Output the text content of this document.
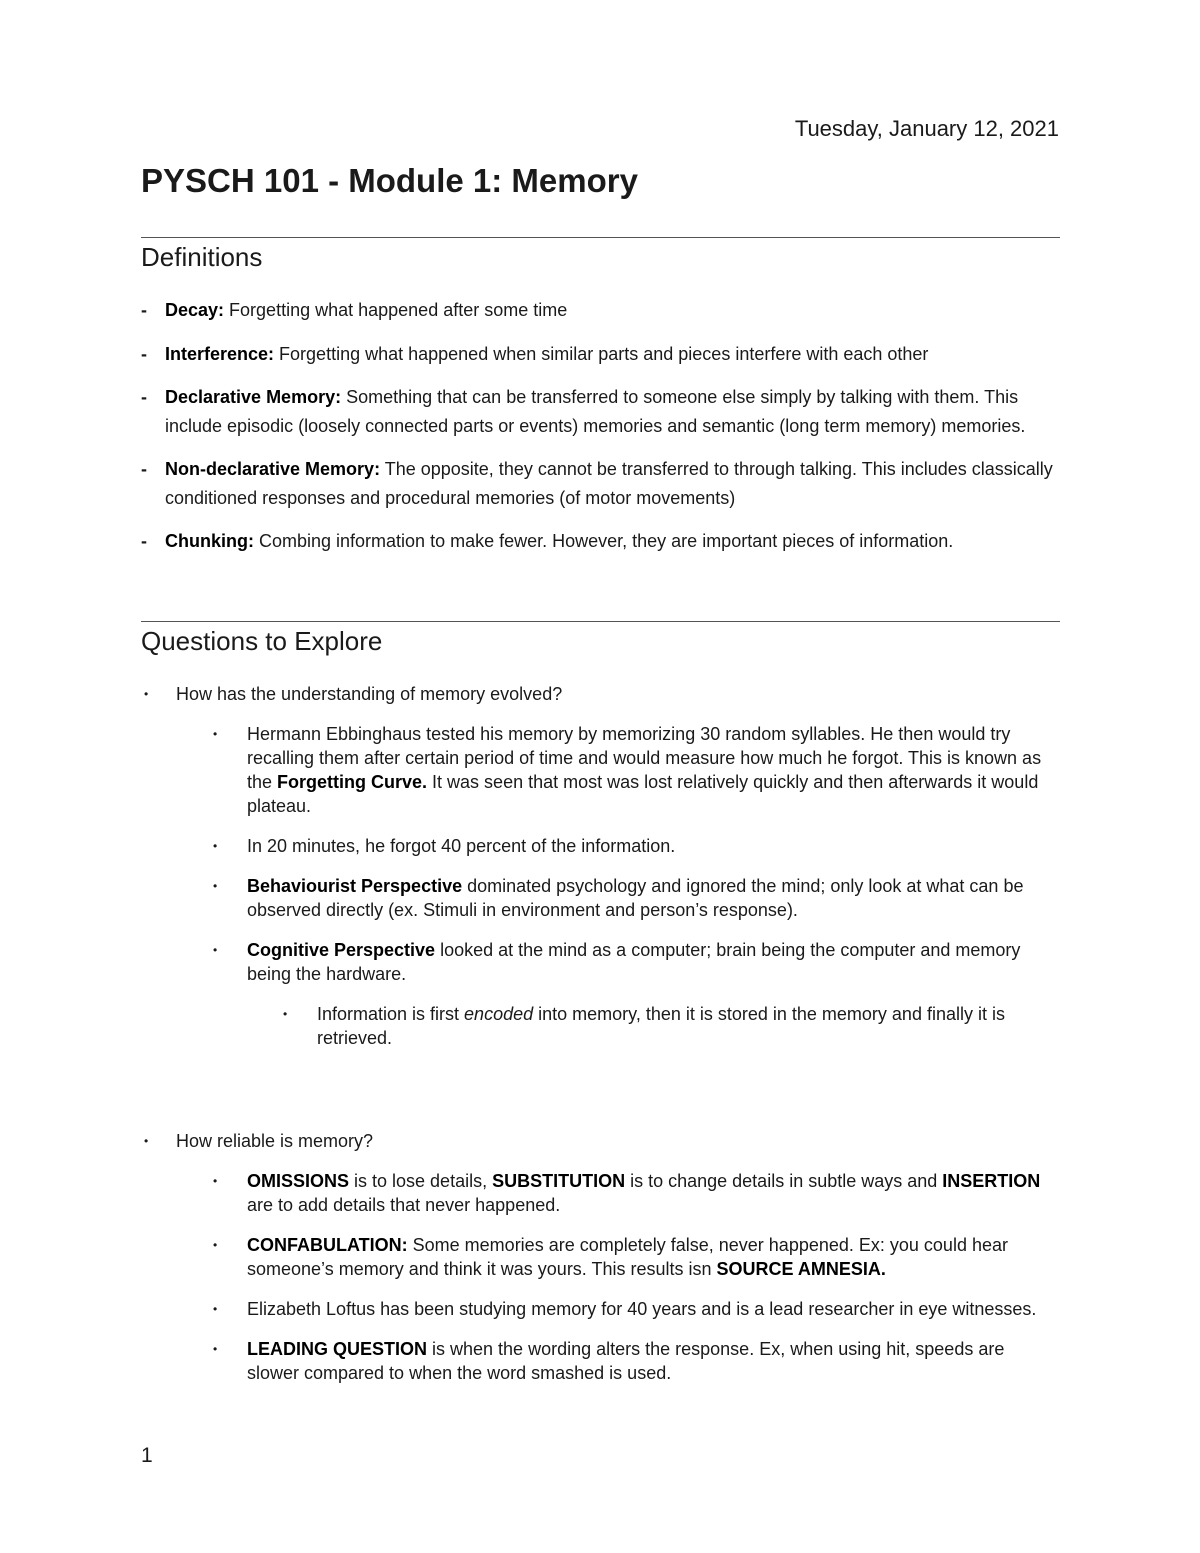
Tuesday, January 12, 2021
PYSCH 101 - Module 1: Memory
Definitions
- Decay: Forgetting what happened after some time
- Interference: Forgetting what happened when similar parts and pieces interfere with each other
- Declarative Memory: Something that can be transferred to someone else simply by talking with them. This include episodic (loosely connected parts or events) memories and semantic (long term memory) memories.
- Non-declarative Memory: The opposite, they cannot be transferred to through talking. This includes classically conditioned responses and procedural memories (of motor movements)
- Chunking: Combing information to make fewer. However, they are important pieces of information.
Questions to Explore
• How has the understanding of memory evolved?
• Hermann Ebbinghaus tested his memory by memorizing 30 random syllables. He then would try recalling them after certain period of time and would measure how much he forgot. This is known as the Forgetting Curve. It was seen that most was lost relatively quickly and then afterwards it would plateau.
• In 20 minutes, he forgot 40 percent of the information.
• Behaviourist Perspective dominated psychology and ignored the mind; only look at what can be observed directly (ex. Stimuli in environment and person’s response).
• Cognitive Perspective looked at the mind as a computer; brain being the computer and memory being the hardware.
• Information is first encoded into memory, then it is stored in the memory and finally it is retrieved.
• How reliable is memory?
• OMISSIONS is to lose details, SUBSTITUTION is to change details in subtle ways and INSERTION are to add details that never happened.
• CONFABULATION: Some memories are completely false, never happened. Ex: you could hear someone’s memory and think it was yours. This results isn SOURCE AMNESIA.
• Elizabeth Loftus has been studying memory for 40 years and is a lead researcher in eye witnesses.
• LEADING QUESTION is when the wording alters the response. Ex, when using hit, speeds are slower compared to when the word smashed is used.
1
